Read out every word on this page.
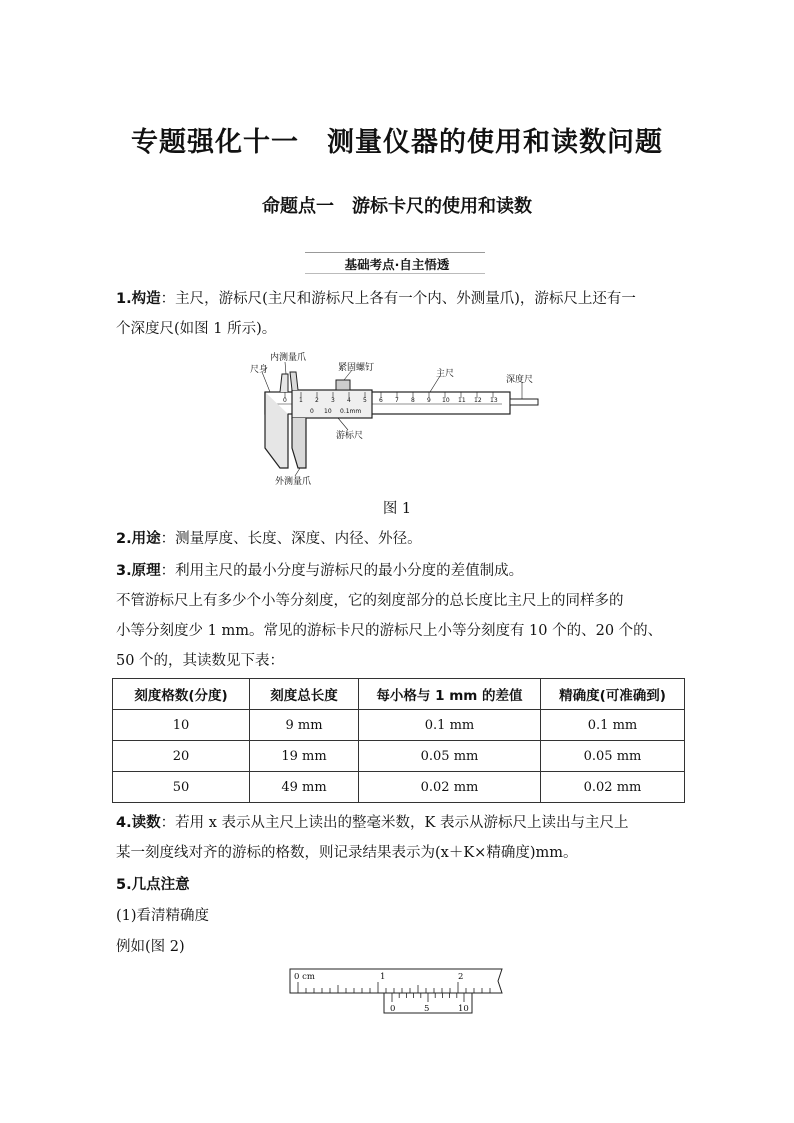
专题强化十一　测量仪器的使用和读数问题
命题点一　游标卡尺的使用和读数
基础考点·自主悟透
1.构造：主尺，游标尺(主尺和游标尺上各有一个内、外测量爪)，游标尺上还有一
个深度尺(如图 1 所示)。
0 1 2 3 4 5 6 7 8 9 10 11 12 13
0 10 0.1mm
内测量爪
尺身	紧固螺钉
主尺
深度尺
游标尺
外测量爪
图 1
2.用途：测量厚度、长度、深度、内径、外径。
3.原理：利用主尺的最小分度与游标尺的最小分度的差值制成。
不管游标尺上有多少个小等分刻度，它的刻度部分的总长度比主尺上的同样多的
小等分刻度少 1 mm。常见的游标卡尺的游标尺上小等分刻度有 10 个的、20 个的、
50 个的，其读数见下表：
刻度格数(分度)	刻度总长度	每小格与 1 mm 的差值	精确度(可准确到)
10	9 mm	0.1 mm	0.1 mm
20	19 mm	0.05 mm	0.05 mm
50	49 mm	0.02 mm	0.02 mm
4.读数：若用 x 表示从主尺上读出的整毫米数，K 表示从游标尺上读出与主尺上
某一刻度线对齐的游标的格数，则记录结果表示为(x＋K×精确度)mm。
5.几点注意
(1)看清精确度
例如(图 2)
0 cm	1	2
0	5	10
